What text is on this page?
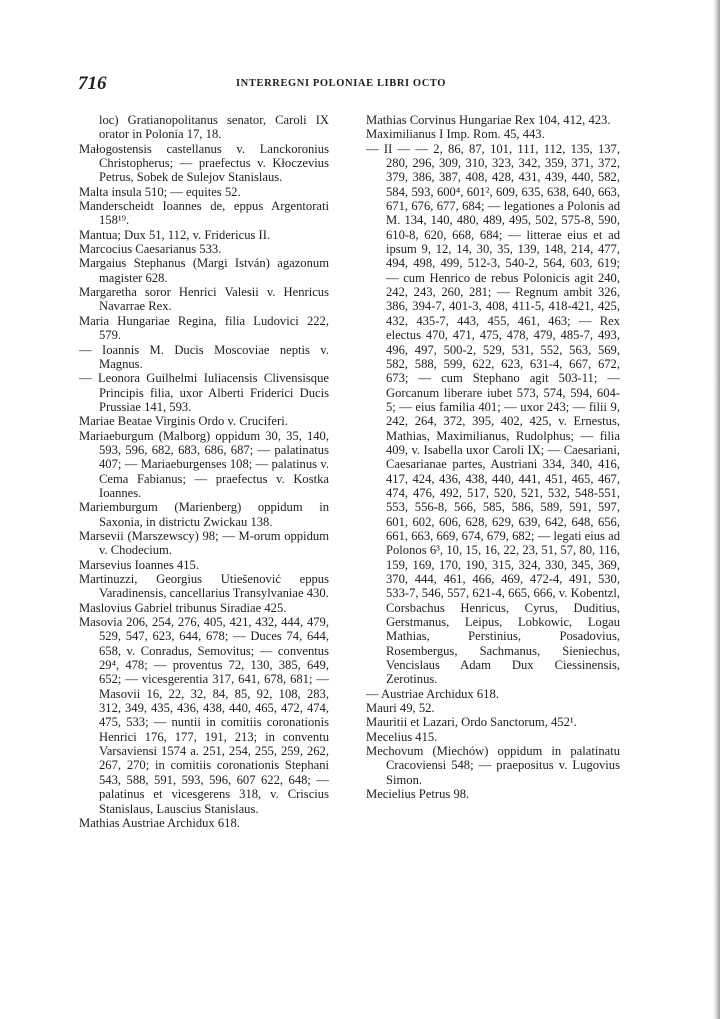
716	INTERREGNI POLONIAE LIBRI OCTO

loc) Gratianopolitanus senator, Caroli IX orator in Polonia 17, 18.

Małogostensis castellanus v. Lanckoronius Christopherus; — praefectus v. Kłoczevius Petrus, Sobek de Sulejov Stanislaus.

Malta insula 510; — equites 52.

Manderscheidt Ioannes de, eppus Argentorati 158¹⁹.

Mantua; Dux 51, 112, v. Fridericus II.

Marcocius Caesarianus 533.

Margaius Stephanus (Margi István) agazonum magister 628.

Margaretha soror Henrici Valesii v. Henricus Navarrae Rex.

Maria Hungariae Regina, filia Ludovici 222, 579.

— Ioannis M. Ducis Moscoviae neptis v. Magnus.

— Leonora Guilhelmi Iuliacensis Clivensisque Principis filia, uxor Alberti Friderici Ducis Prussiae 141, 593.

Mariae Beatae Virginis Ordo v. Cruciferi.

Mariaeburgum (Malborg) oppidum 30, 35, 140, 593, 596, 682, 683, 686, 687; — palatinatus 407; — Mariaeburgenses 108; — palatinus v. Cema Fabianus; — praefectus v. Kostka Ioannes.

Mariemburgum (Marienberg) oppidum in Saxonia, in districtu Zwickau 138.

Marsevii (Marszewscy) 98; — M-orum oppidum v. Chodecium.

Marsevius Ioannes 415.

Martinuzzi, Georgius Utiešenović eppus Varadinensis, cancellarius Transylvaniae 430.

Maslovius Gabriel tribunus Siradiae 425.

Masovia 206, 254, 276, 405, 421, 432, 444, 479, 529, 547, 623, 644, 678; — Duces 74, 644, 658, v. Conradus, Semovitus; — conventus 29⁴, 478; — proventus 72, 130, 385, 649, 652; — vicesgerentia 317, 641, 678, 681; — Masovii 16, 22, 32, 84, 85, 92, 108, 283, 312, 349, 435, 436, 438, 440, 465, 472, 474, 475, 533; — nuntii in comitiis coronationis Henrici 176, 177, 191, 213; in conventu Varsaviensi 1574 a. 251, 254, 255, 259, 262, 267, 270; in comitiis coronationis Stephani 543, 588, 591, 593, 596, 607 622, 648; — palatinus et vicesgerens 318, v. Criscius Stanislaus, Lauscius Stanislaus.

Mathias Austriae Archidux 618.

Mathias Corvinus Hungariae Rex 104, 412, 423.

Maximilianus I Imp. Rom. 45, 443.

— II — — 2, 86, 87, 101, 111, 112, 135, 137, 280, 296, 309, 310, 323, 342, 359, 371, 372, 379, 386, 387, 408, 428, 431, 439, 440, 582, 584, 593, 600⁴, 601², 609, 635, 638, 640, 663, 671, 676, 677, 684; — legationes a Polonis ad M. 134, 140, 480, 489, 495, 502, 575-8, 590, 610-8, 620, 668, 684; — litterae eius et ad ipsum 9, 12, 14, 30, 35, 139, 148, 214, 477, 494, 498, 499, 512-3, 540-2, 564, 603, 619; — cum Henrico de rebus Polonicis agit 240, 242, 243, 260, 281; — Regnum ambit 326, 386, 394-7, 401-3, 408, 411-5, 418-421, 425, 432, 435-7, 443, 455, 461, 463; — Rex electus 470, 471, 475, 478, 479, 485-7, 493, 496, 497, 500-2, 529, 531, 552, 563, 569, 582, 588, 599, 622, 623, 631-4, 667, 672, 673; — cum Stephano agit 503-11; — Gorcanum liberare iubet 573, 574, 594, 604-5; — eius familia 401; — uxor 243; — filii 9, 242, 264, 372, 395, 402, 425, v. Ernestus, Mathias, Maximilianus, Rudolphus; — filia 409, v. Isabella uxor Caroli IX; — Caesariani, Caesarianae partes, Austriani 334, 340, 416, 417, 424, 436, 438, 440, 441, 451, 465, 467, 474, 476, 492, 517, 520, 521, 532, 548-551, 553, 556-8, 566, 585, 586, 589, 591, 597, 601, 602, 606, 628, 629, 639, 642, 648, 656, 661, 663, 669, 674, 679, 682; — legati eius ad Polonos 6³, 10, 15, 16, 22, 23, 51, 57, 80, 116, 159, 169, 170, 190, 315, 324, 330, 345, 369, 370, 444, 461, 466, 469, 472-4, 491, 530, 533-7, 546, 557, 621-4, 665, 666, v. Kobentzl, Corsbachus Henricus, Cyrus, Duditius, Gerstmanus, Leipus, Lobkowic, Logau Mathias, Perstinius, Posadovius, Rosembergus, Sachmanus, Sieniechus, Vencislaus Adam Dux Ciessinensis, Zerotinus.

— Austriae Archidux 618.

Mauri 49, 52.

Mauritii et Lazari, Ordo Sanctorum, 452¹.

Mecelius 415.

Mechovum (Miechów) oppidum in palatinatu Cracoviensi 548; — praepositus v. Lugovius Simon.

Mecielius Petrus 98.
